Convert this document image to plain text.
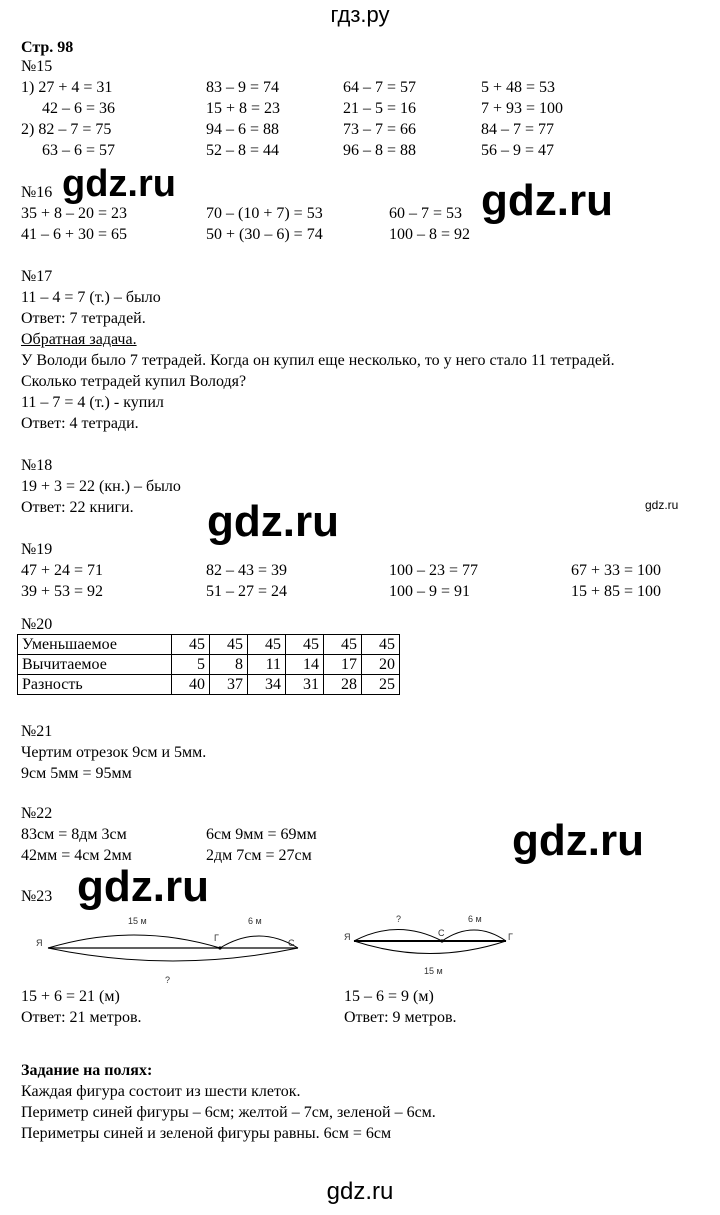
гдз.ру
Стр. 98
№15
1) 27 + 4 = 31	83 – 9 = 74	64 – 7 = 57	5 + 48 = 53
42 – 6 = 36	15 + 8 = 23	21 – 5 = 16	7 + 93 = 100
2) 82 – 7 = 75	94 – 6 = 88	73 – 7 = 66	84 – 7 = 77
63 – 6 = 57	52 – 8 = 44	96 – 8 = 88	56 – 9 = 47
№16
35 + 8 – 20 = 23	70 – (10 + 7) = 53	60 – 7 = 53
41 – 6 + 30 = 65	50 + (30 – 6) = 74	100 – 8 = 92
№17
11 – 4 = 7 (т.) – было
Ответ: 7 тетрадей.
Обратная задача.
У Володи было 7 тетрадей. Когда он купил еще несколько, то у него стало 11 тетрадей.
Сколько тетрадей купил Володя?
11 – 7 = 4 (т.) - купил
Ответ: 4 тетради.
№18
19 + 3 = 22 (кн.) – было
Ответ: 22 книги.
№19
47 + 24 = 71	82 – 43 = 39	100 – 23 = 77	67 + 33 = 100
39 + 53 = 92	51 – 27 = 24	100 – 9 = 91	15 + 85 = 100
№20
Уменьшаемое	45	45	45	45	45	45
Вычитаемое	5	8	11	14	17	20
Разность	40	37	34	31	28	25
№21
Чертим отрезок 9см и 5мм.
9см 5мм = 95мм
№22
83см = 8дм 3см	6см 9мм = 69мм
42мм = 4см 2мм	2дм 7см = 27см
№23
Я	Г	С
15 м	6 м
?
Я	С	Г
?	6 м
15 м
15 + 6 = 21 (м)
Ответ: 21 метров.
15 – 6 = 9 (м)
Ответ: 9 метров.
Задание на полях:
Каждая фигура состоит из шести клеток.
Периметр синей фигуры – 6см; желтой – 7см, зеленой – 6см.
Периметры синей и зеленой фигуры равны. 6см = 6см
gdz.ru
gdz.ru	gdz.ru
gdz.ru
gdz.ru
gdz.ru
gdz.ru
